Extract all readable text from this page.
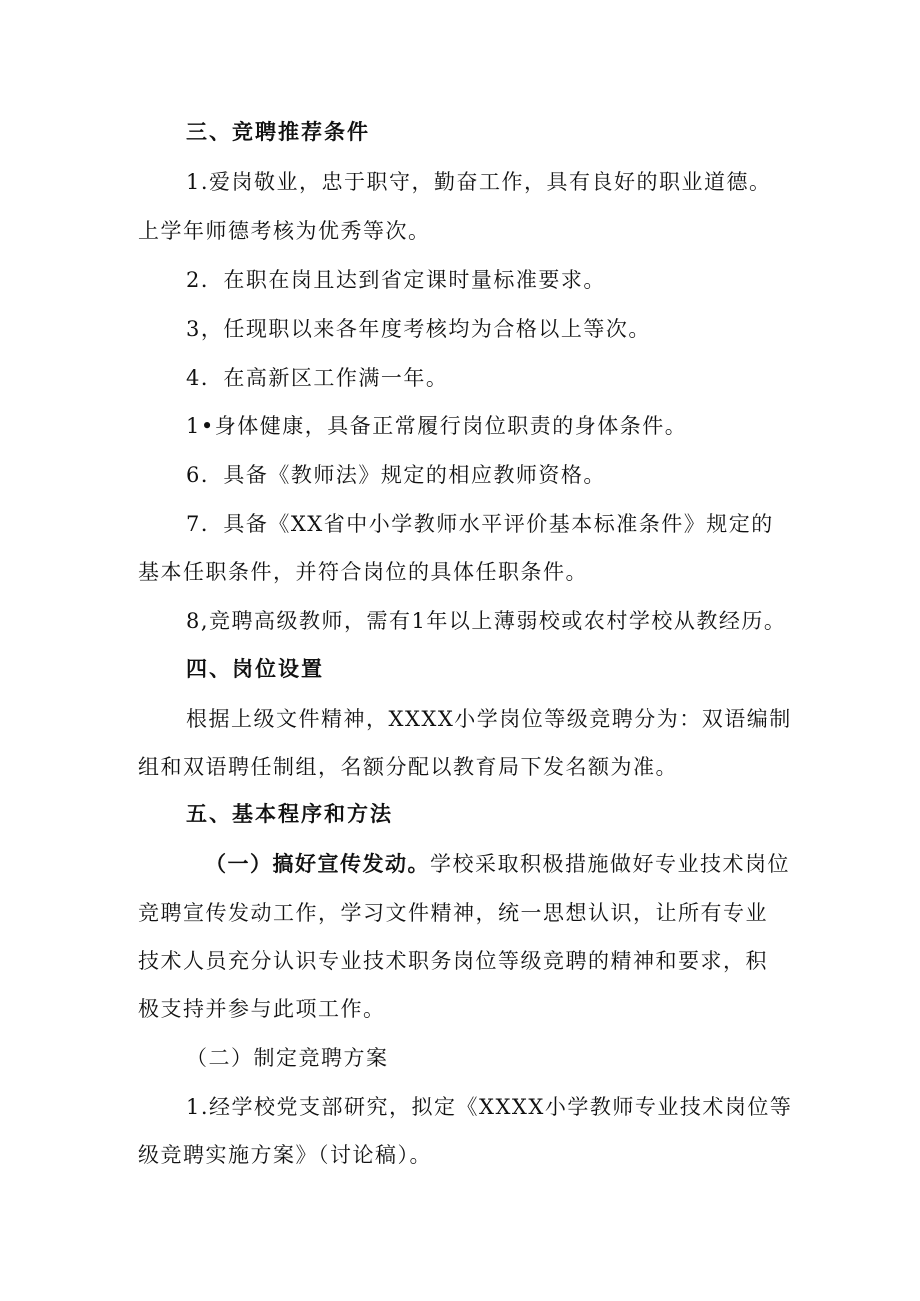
三、竞聘推荐条件
1.爱岗敬业，忠于职守，勤奋工作，具有良好的职业道德。
上学年师德考核为优秀等次。
2．在职在岗且达到省定课时量标准要求。
3，任现职以来各年度考核均为合格以上等次。
4．在高新区工作满一年。
1•身体健康，具备正常履行岗位职责的身体条件。
6．具备《教师法》规定的相应教师资格。
7．具备《XX省中小学教师水平评价基本标准条件》规定的
基本任职条件，并符合岗位的具体任职条件。
8,竞聘高级教师，需有1年以上薄弱校或农村学校从教经历。
四、岗位设置
根据上级文件精神，XXXX小学岗位等级竞聘分为：双语编制
组和双语聘任制组，名额分配以教育局下发名额为准。
五、基本程序和方法
（一）搞好宣传发动。学校采取积极措施做好专业技术岗位
竞聘宣传发动工作，学习文件精神，统一思想认识，让所有专业
技术人员充分认识专业技术职务岗位等级竞聘的精神和要求，积
极支持并参与此项工作。
（二）制定竞聘方案
1.经学校党支部研究，拟定《XXXX小学教师专业技术岗位等
级竞聘实施方案》（讨论稿）。
